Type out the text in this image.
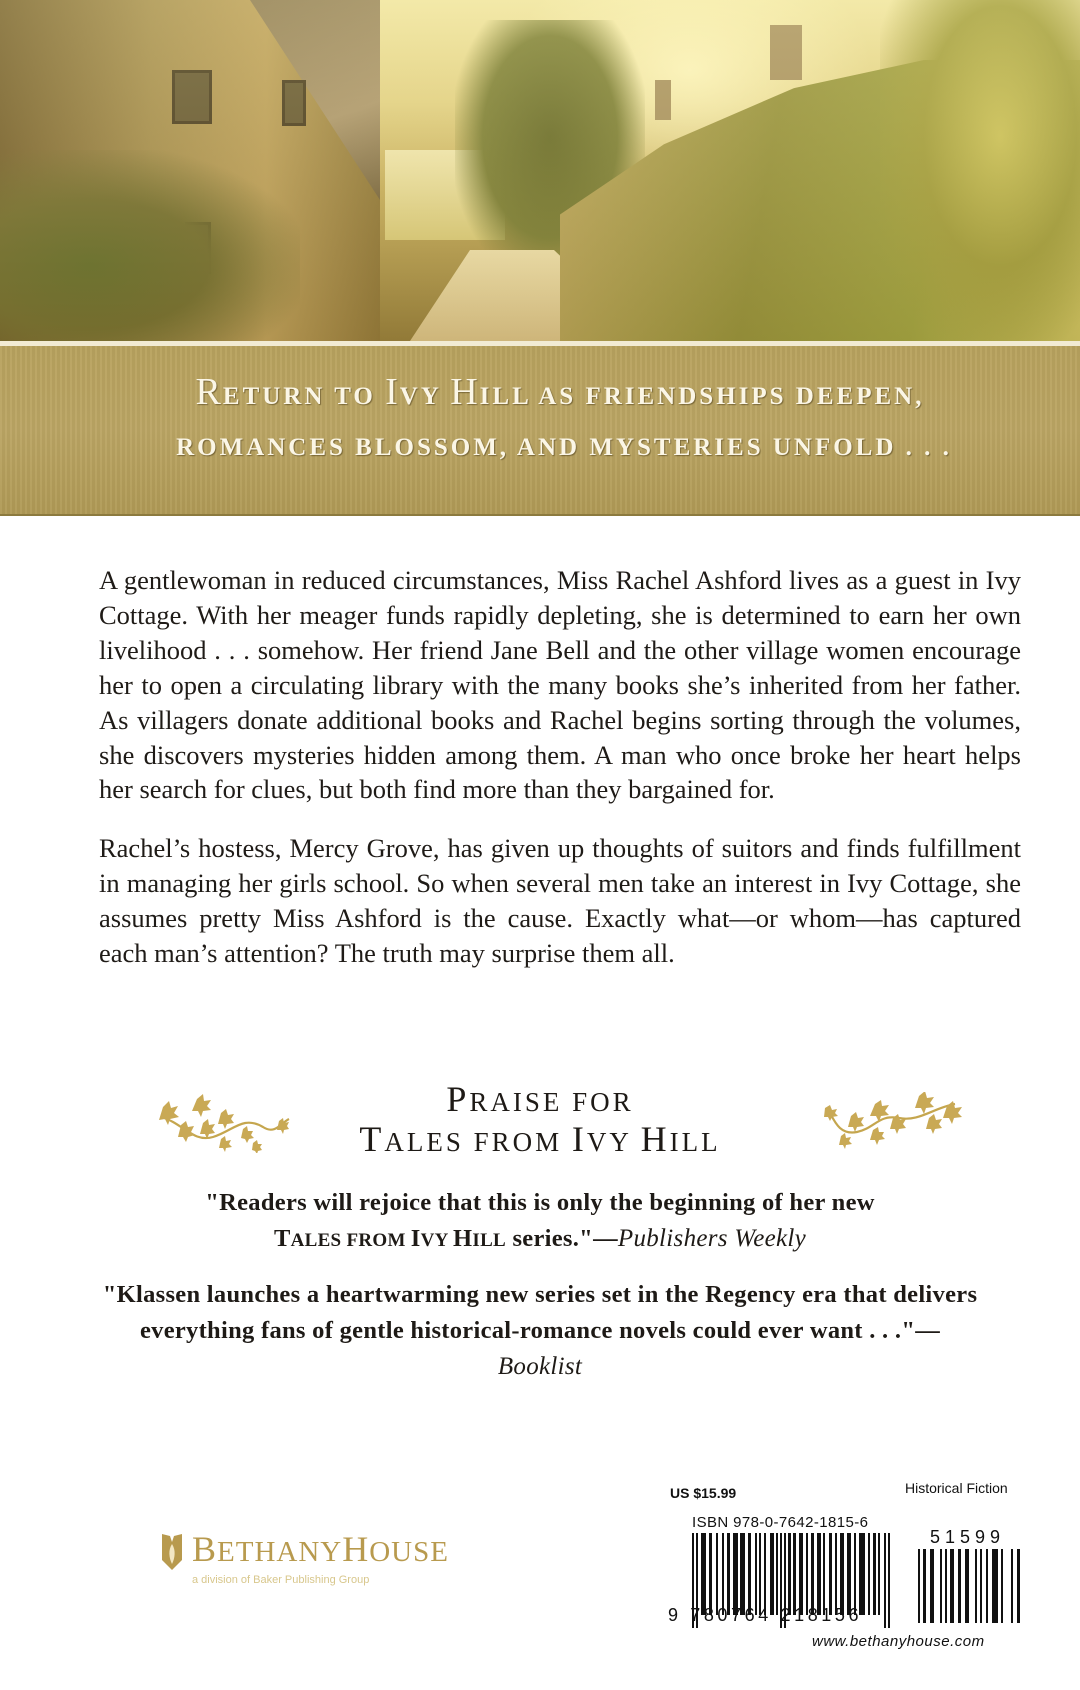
RETURN TO IVY HILL AS FRIENDSHIPS DEEPEN,
ROMANCES BLOSSOM, AND MYSTERIES UNFOLD . . .

A gentlewoman in reduced circumstances, Miss Rachel Ashford lives as a guest in Ivy Cottage. With her meager funds rapidly depleting, she is determined to earn her own livelihood . . . somehow. Her friend Jane Bell and the other village women encourage her to open a circulating library with the many books she’s inherited from her father. As villagers donate additional books and Rachel begins sorting through the volumes, she discovers mysteries hidden among them. A man who once broke her heart helps her search for clues, but both find more than they bargained for.

Rachel’s hostess, Mercy Grove, has given up thoughts of suitors and finds fulfillment in managing her girls school. So when several men take an interest in Ivy Cottage, she assumes pretty Miss Ashford is the cause. Exactly what—or whom—has captured each man’s attention? The truth may surprise them all.

PRAISE FOR
TALES FROM IVY HILL
"Readers will rejoice that this is only the beginning of her new
TALES FROM IVY HILL series."—Publishers Weekly
"Klassen launches a heartwarming new series set in the Regency era that delivers everything fans of gentle historical-romance novels could ever want . . ."—Booklist
BETHANYHOUSE
a division of Baker Publishing Group
US $15.99	Historical Fiction
ISBN 978-0-7642-1815-6
9 780764 218156
51599
www.bethanyhouse.com
